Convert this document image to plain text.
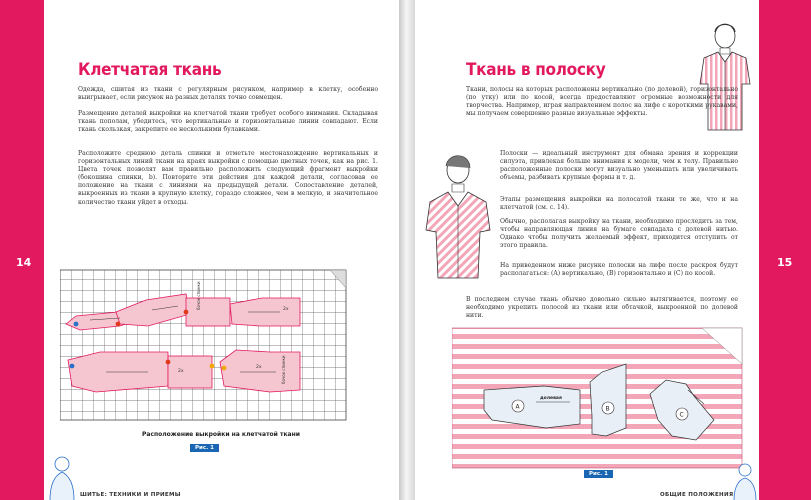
14	15
Клетчатая ткань
Одежда, сшитая из ткани с регулярным рисунком, например в клетку, особенно выигрывает, если рисунок на разных деталях точно совмещен.
Размещение деталей выкройки на клетчатой ткани требует особого внимания. Складывая ткань пополам, убедитесь, что вертикальные и горизонтальные линии совпадают. Если ткань скользкая, закрепите ее несколькими булавками.
Расположите среднюю деталь спинки и отметьте местонахождение вертикальных и горизонтальных линий ткани на краях выкройки с помощью цветных точек, как на рис. 1. Цвета точек позволят вам правильно расположить следующий фрагмент выкройки (бокошина спинки, b). Повторите эти действия для каждой детали, согласовав ее положение на ткани с линиями на предыдущей детали. Сопоставление деталей, выкроенных из ткани в крупную клетку, гораздо сложнее, чем в мелкую, и значительное количество ткани уйдет в отходы.
бочок спинки	2x
2x	бочок спинки
2x
Расположение выкройки на клетчатой ткани
Рис. 1
ШИТЬЕ: ТЕХНИКИ И ПРИЕМЫ
Ткань в полоску
Ткани, полосы на которых расположены вертикально (по долевой), горизонтально (по утку) или по косой, всегда предоставляют огромные возможности для творчества. Например, играя направлением полос на лифе с короткими рукавами, мы получаем совершенно разные визуальные эффекты.
Полоски — идеальный инструмент для обмана зрения и коррекции силуэта, привлекая больше внимания к модели, чем к телу. Правильно расположенные полоски могут визуально уменьшать или увеличивать объемы, разбивать крупные формы и т. д.
Этапы размещения выкройки на полосатой ткани те же, что и на клетчатой (см. с. 14).
Обычно, располагая выкройку на ткани, необходимо проследить за тем, чтобы направляющая линия на бумаге совпадала с долевой нитью. Однако чтобы получить желаемый эффект, приходится отступить от этого правила.
На приведенном ниже рисунке полоски на лифе после раскроя будут располагаться: (A) вертикально, (B) горизонтально и (C) по косой.
В последнем случае ткань обычно довольно сильно вытягивается, поэтому ее необходимо укрепить полосой из ткани или обтачкой, выкроенной по долевой нити.
A
долевая
B
C
Рис. 1
ОБЩИЕ ПОЛОЖЕНИЯ
